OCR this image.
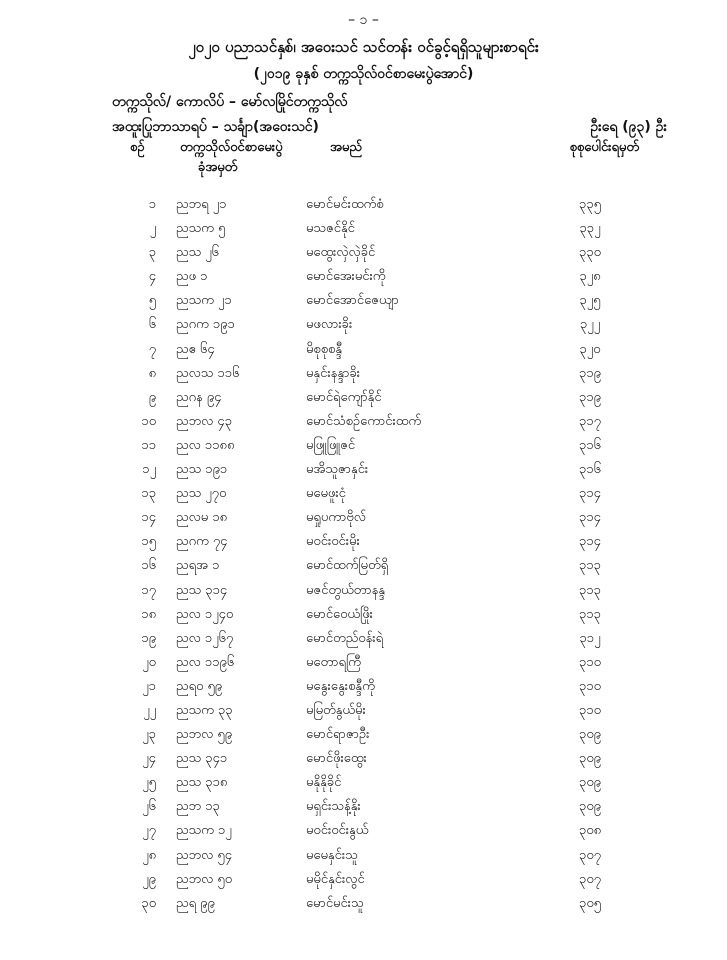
– ၁ –
၂၀၂၀ ပညာသင်နှစ်၊ အဝေးသင် သင်တန်း ဝင်ခွင့်ရရှိသူများစာရင်း
(၂၀၁၉ ခုနှစ် တက္ကသိုလ်ဝင်စာမေးပွဲအောင်)
တက္ကသိုလ်/ ကောလိပ် – မော်လမြိုင်တက္ကသိုလ်
အထူးပြုဘာသာရပ် – သင်္ချာ(အဝေးသင်)	ဦးရေ (၉၃) ဦး
စဉ်	တက္ကသိုလ်ဝင်စာမေးပွဲ
ခုံအမှတ်
အမည်	စုစုပေါင်းရမှတ်
၁ ညဘရ ၂၁	မောင်မင်းထက်စံ	၃၃၅
၂ ညသက ၅	မသဇင်နိုင်	၃၃၂
၃ ညသ ၂၆	မထွေးလှဲလှဲခိုင်	၃၃၀
၄ ညဖ ၁	မောင်အေးမင်းကို	၃၂၈
၅ ညသက ၂၁	မောင်အောင်ဇေယျာ	၃၂၅
၆ ညဂက ၁၉၁	မဖလားခိုး	၃၂၂
၇ ညဧ ၆၄	မိစုစုစန္ဒီ	၃၂၀
၈ ညလသ ၁၁၆	မနှင်းနန္ဒာခိုး	၃၁၉
၉ ညဂန ၉၄	မောင်ရဲကျော်နိုင်	၃၁၉
၁၀ ညဘလ ၄၃	မောင်သံစဉ်ကောင်းထက်	၃၁၇
၁၁ ညလ ၁၁၈၈	မဖြူဖြူဇင်	၃၁၆
၁၂ ညသ ၁၉၁	မအိသူဇာနှင်း	၃၁၆
၁၃ ညသ ၂၇၀	မမေဖူးငုံ	၃၁၄
၁၄ ညလမ ၁၈	မရှုပကာဗိုလ်	၃၁၄
၁၅ ညဂက ၇၄	မဝင်းဝင်းမိုး	၃၁၄
၁၆ ညရအ ၁	မောင်ထက်မြတ်ရှိ	၃၁၃
၁၇ ညသ ၃၁၄	မဇင်တွယ်တာနန္ဒ	၃၁၃
၁၈ ညလ ၁၂၄၀	မောင်ဝေယံဖြိုး	၃၁၃
၁၉ ညလ ၁၂၆၇	မောင်တည်ဝန်းရဲ	၃၁၂
၂၀ ညလ ၁၁၉၆	မတောရကြီ	၃၁၀
၂၁ ညရ၀ ၅၉	မနွေးနွေးစန္ဒီကို	၃၁၀
၂၂ ညသက ၃၃	မမြတ်နွယ်မိုး	၃၁၀
၂၃ ညဘလ ၅၉	မောင်ရာဇာဦး	၃၀၉
၂၄ ညသ ၃၄၁	မောင်ဖိုးထွေး	၃၀၉
၂၅ ညသ ၃၁၈	မနိုနိုခိုင်	၃၀၉
၂၆ ညဘ ၁၃	မရှင်းသန့်နိုး	၃၀၉
၂၇ ညသက ၁၂	မဝင်းဝင်းနွယ်	၃၀၈
၂၈ ညဘလ ၅၄	မမေနှင်းသူ	၃၀၇
၂၉ ညဘလ ၅၀	မမိုင်နှင်းလွင်	၃၀၇
၃၀ ညရ ၉၉	မောင်မင်းသူ	၃၀၅
